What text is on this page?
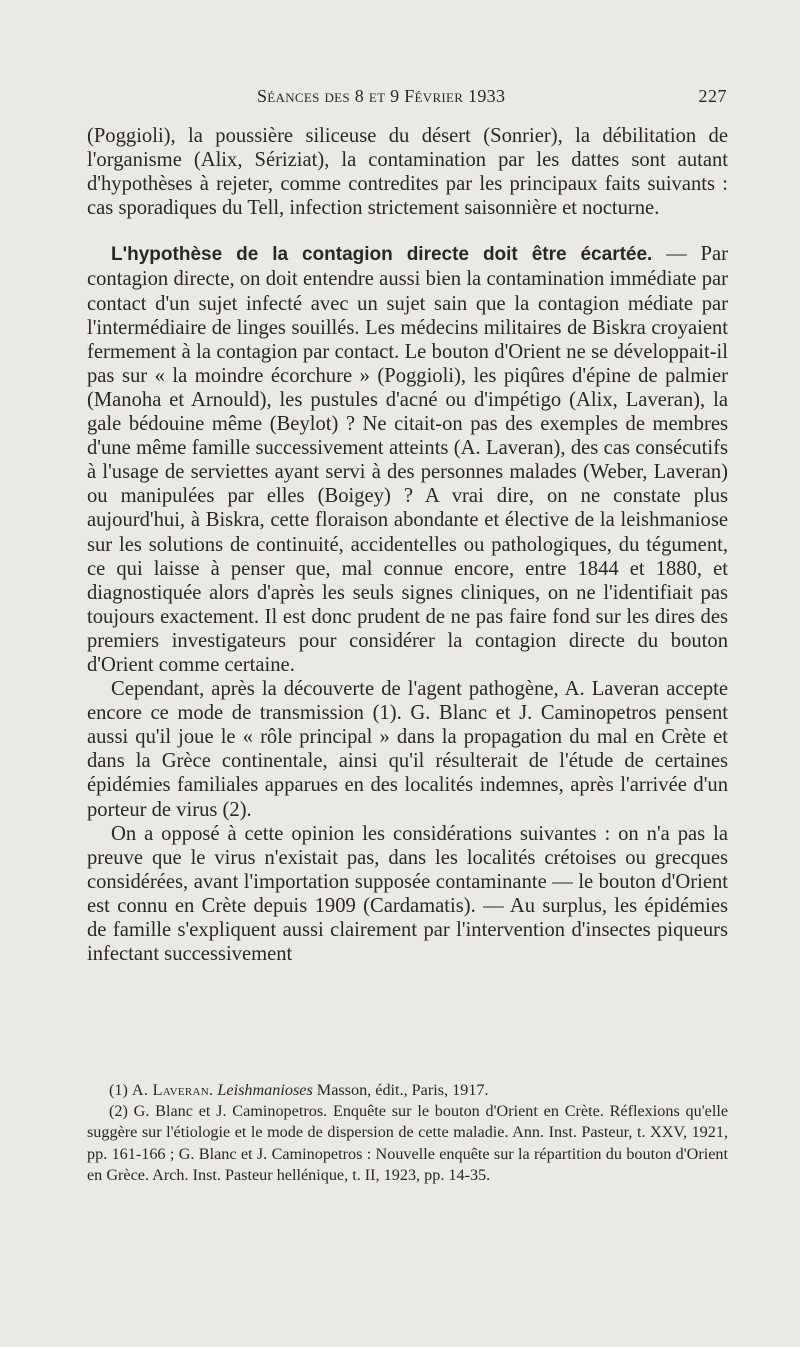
Séances des 8 et 9 Février 1933	227

(Poggioli), la poussière siliceuse du désert (Sonrier), la débilitation de l'organisme (Alix, Sériziat), la contamination par les dattes sont autant d'hypothèses à rejeter, comme contredites par les principaux faits suivants : cas sporadiques du Tell, infection strictement saisonnière et nocturne.

L'hypothèse de la contagion directe doit être écartée. — Par contagion directe, on doit entendre aussi bien la contamination immédiate par contact d'un sujet infecté avec un sujet sain que la contagion médiate par l'intermédiaire de linges souillés. Les médecins militaires de Biskra croyaient fermement à la contagion par contact. Le bouton d'Orient ne se développait-il pas sur « la moindre écorchure » (Poggioli), les piqûres d'épine de palmier (Manoha et Arnould), les pustules d'acné ou d'impétigo (Alix, Laveran), la gale bédouine même (Beylot) ? Ne citait-on pas des exemples de membres d'une même famille successivement atteints (A. Laveran), des cas consécutifs à l'usage de serviettes ayant servi à des personnes malades (Weber, Laveran) ou manipulées par elles (Boigey) ? A vrai dire, on ne constate plus aujourd'hui, à Biskra, cette floraison abondante et élective de la leishmaniose sur les solutions de continuité, accidentelles ou pathologiques, du tégument, ce qui laisse à penser que, mal connue encore, entre 1844 et 1880, et diagnostiquée alors d'après les seuls signes cliniques, on ne l'identifiait pas toujours exactement. Il est donc prudent de ne pas faire fond sur les dires des premiers investigateurs pour considérer la contagion directe du bouton d'Orient comme certaine.

Cependant, après la découverte de l'agent pathogène, A. Laveran accepte encore ce mode de transmission (1). G. Blanc et J. Caminopetros pensent aussi qu'il joue le « rôle principal » dans la propagation du mal en Crète et dans la Grèce continentale, ainsi qu'il résulterait de l'étude de certaines épidémies familiales apparues en des localités indemnes, après l'arrivée d'un porteur de virus (2).

On a opposé à cette opinion les considérations suivantes : on n'a pas la preuve que le virus n'existait pas, dans les localités crétoises ou grecques considérées, avant l'importation supposée contaminante — le bouton d'Orient est connu en Crète depuis 1909 (Cardamatis). — Au surplus, les épidémies de famille s'expliquent aussi clairement par l'intervention d'insectes piqueurs infectant successivement

(1) A. Laveran. Leishmanioses Masson, édit., Paris, 1917.

(2) G. Blanc et J. Caminopetros. Enquête sur le bouton d'Orient en Crète. Réflexions qu'elle suggère sur l'étiologie et le mode de dispersion de cette maladie. Ann. Inst. Pasteur, t. XXV, 1921, pp. 161-166 ; G. Blanc et J. Caminopetros : Nouvelle enquête sur la répartition du bouton d'Orient en Grèce. Arch. Inst. Pasteur hellénique, t. II, 1923, pp. 14-35.
